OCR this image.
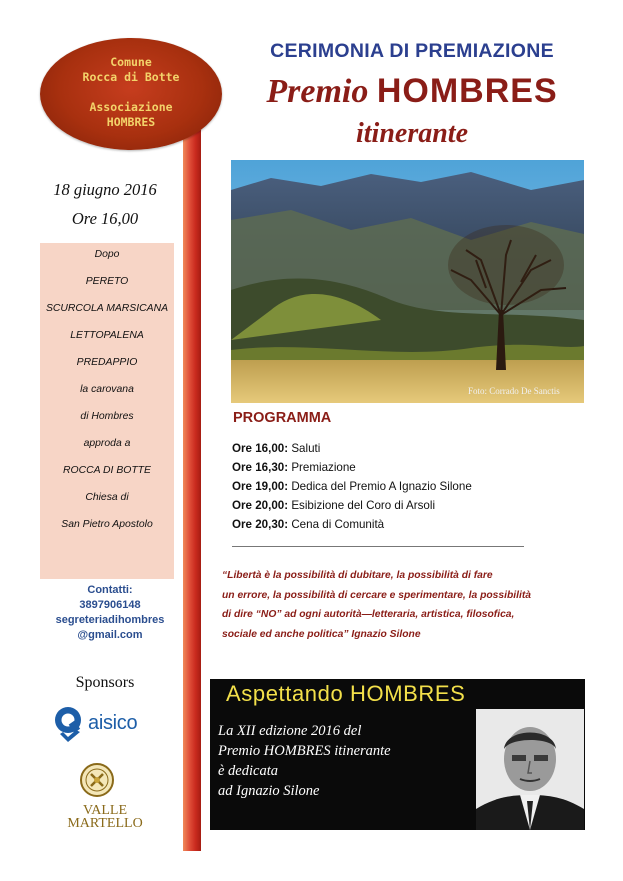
Comune
Rocca di Botte
Associazione
HOMBRES
CERIMONIA DI PREMIAZIONE
Premio HOMBRES
itinerante
18 giugno 2016
Ore 16,00
Dopo
PERETO
SCURCOLA MARSICANA
LETTOPALENA
PREDAPPIO
la carovana
di Hombres
approda a
ROCCA DI BOTTE
Chiesa di
San Pietro Apostolo
Contatti:
3897906148
segreteriadihombres
@gmail.com
Sponsors
aisico
VALLE
MARTELLO
Foto: Corrado De Sanctis
PROGRAMMA
Ore 16,00: Saluti
Ore 16,30: Premiazione
Ore 19,00: Dedica del Premio A Ignazio Silone
Ore 20,00: Esibizione del Coro di Arsoli
Ore 20,30: Cena di Comunità
“Libertà è la possibilità di dubitare, la possibilità di fare
un errore, la possibilità di cercare e sperimentare, la possibilità
di dire “NO” ad ogni autorità—letteraria, artistica, filosofica,
sociale ed anche politica” Ignazio Silone
Aspettando HOMBRES
La XII edizione 2016 del
Premio HOMBRES itinerante
è dedicata
ad Ignazio Silone
